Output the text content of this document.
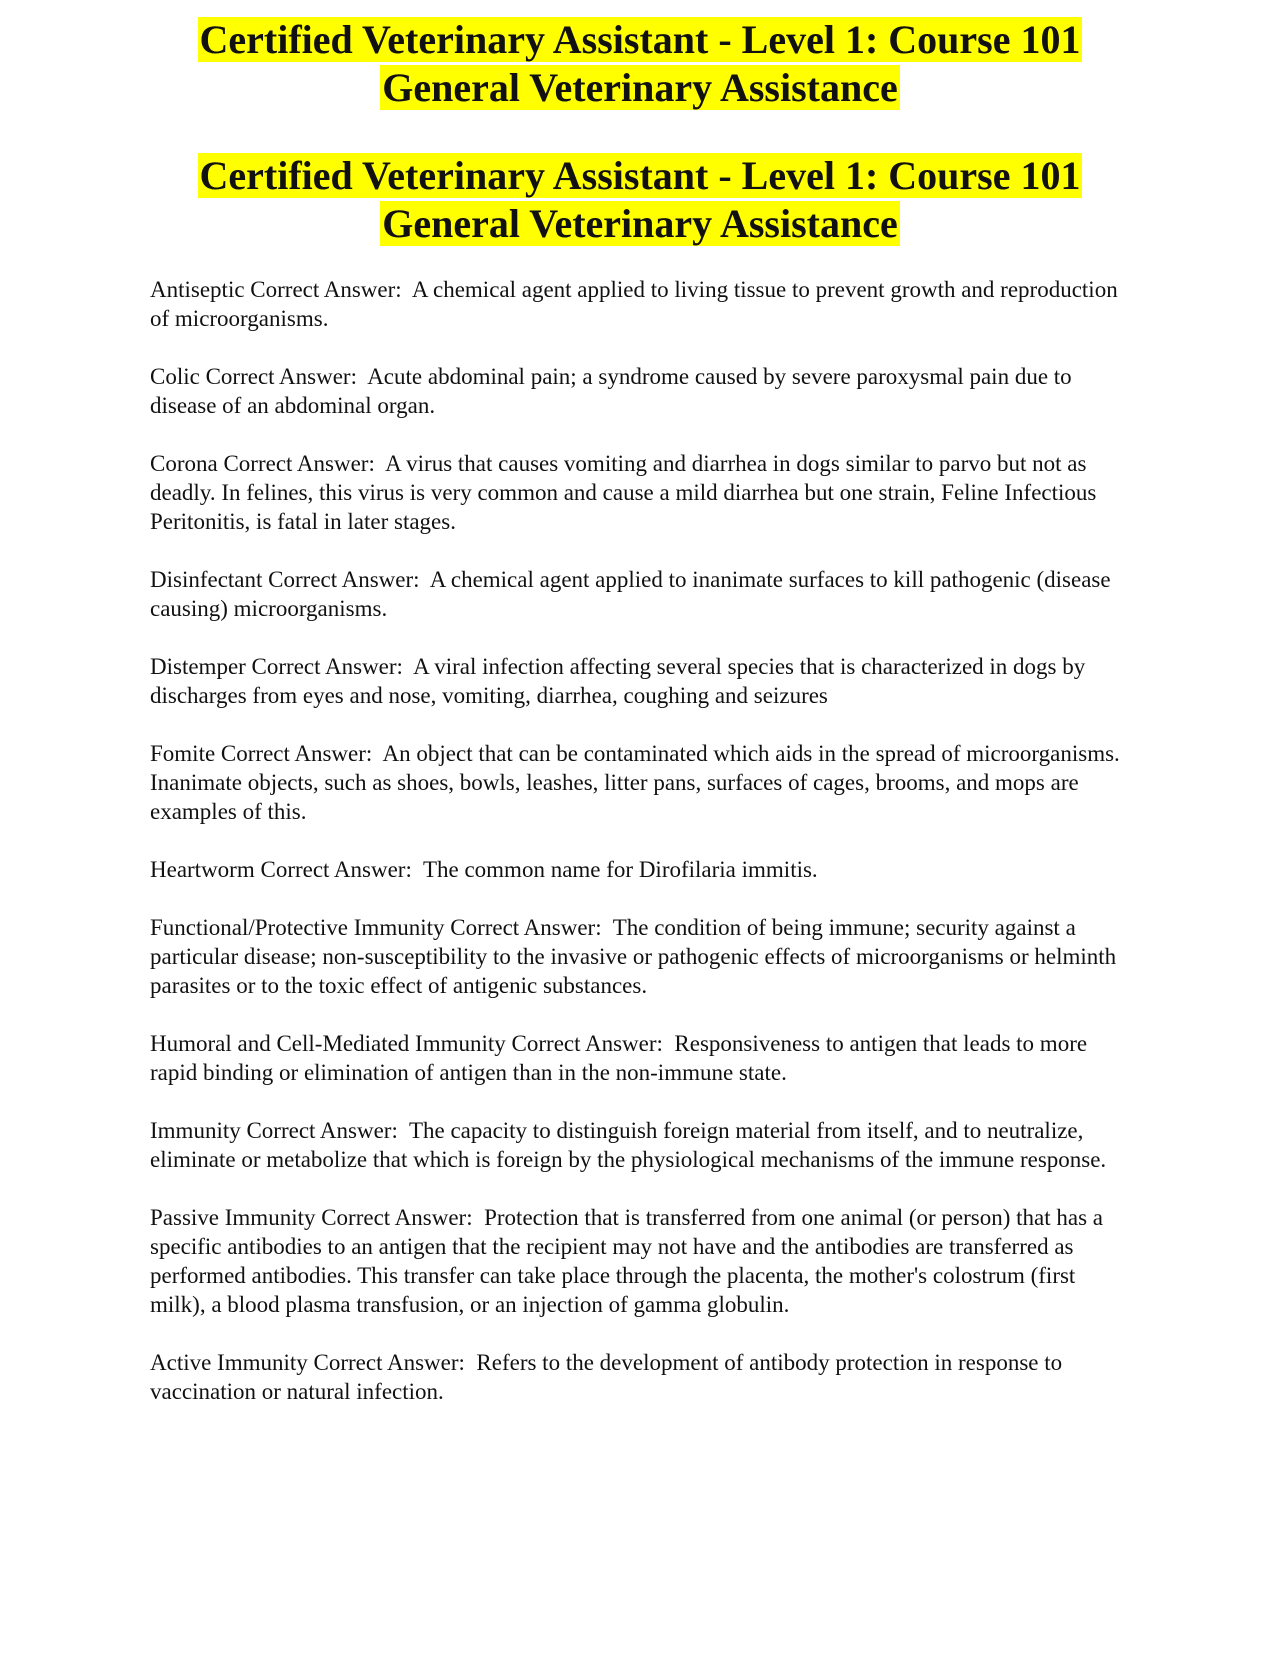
Certified Veterinary Assistant - Level 1: Course 101
General Veterinary Assistance
Certified Veterinary Assistant - Level 1: Course 101
General Veterinary Assistance

Antiseptic Correct Answer:  A chemical agent applied to living tissue to prevent growth and reproduction of microorganisms.

Colic Correct Answer:  Acute abdominal pain; a syndrome caused by severe paroxysmal pain due to disease of an abdominal organ.

Corona Correct Answer:  A virus that causes vomiting and diarrhea in dogs similar to parvo but not as deadly. In felines, this virus is very common and cause a mild diarrhea but one strain, Feline Infectious Peritonitis, is fatal in later stages.

Disinfectant Correct Answer:  A chemical agent applied to inanimate surfaces to kill pathogenic (disease causing) microorganisms.

Distemper Correct Answer:  A viral infection affecting several species that is characterized in dogs by discharges from eyes and nose, vomiting, diarrhea, coughing and seizures

Fomite Correct Answer:  An object that can be contaminated which aids in the spread of microorganisms. Inanimate objects, such as shoes, bowls, leashes, litter pans, surfaces of cages, brooms, and mops are examples of this.

Heartworm Correct Answer:  The common name for Dirofilaria immitis.

Functional/Protective Immunity Correct Answer:  The condition of being immune; security against a particular disease; non-susceptibility to the invasive or pathogenic effects of microorganisms or helminth parasites or to the toxic effect of antigenic substances.

Humoral and Cell-Mediated Immunity Correct Answer:  Responsiveness to antigen that leads to more rapid binding or elimination of antigen than in the non-immune state.

Immunity Correct Answer:  The capacity to distinguish foreign material from itself, and to neutralize, eliminate or metabolize that which is foreign by the physiological mechanisms of the immune response.

Passive Immunity Correct Answer:  Protection that is transferred from one animal (or person) that has a specific antibodies to an antigen that the recipient may not have and the antibodies are transferred as performed antibodies. This transfer can take place through the placenta, the mother's colostrum (first milk), a blood plasma transfusion, or an injection of gamma globulin.

Active Immunity Correct Answer:  Refers to the development of antibody protection in response to vaccination or natural infection.
